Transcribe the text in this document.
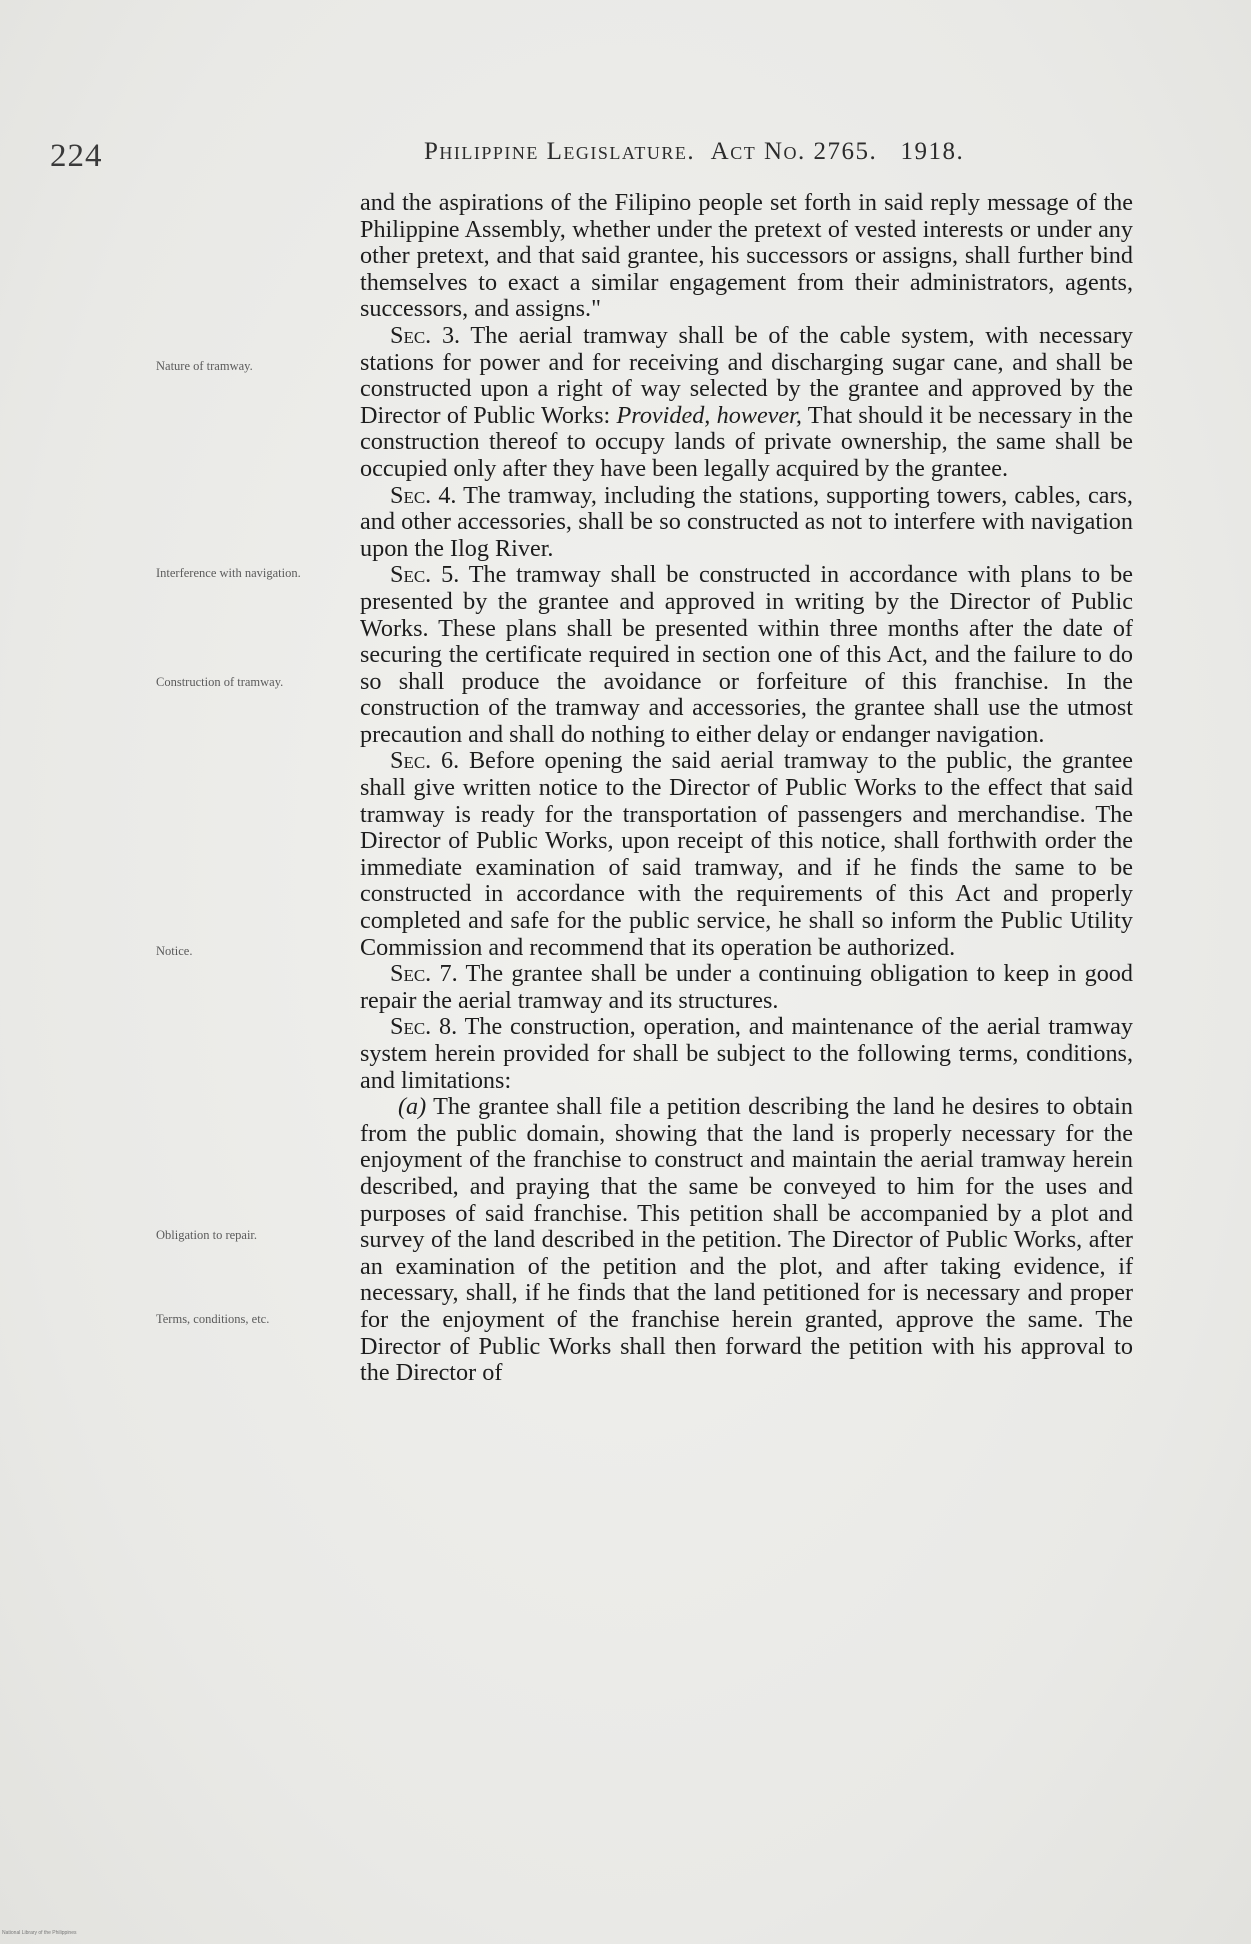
224	Philippine Legislature. Act No. 2765. 1918.
Nature of tramway.
Interference with navigation.
Construction of tramway.
Notice.
Obligation to repair.
Terms, conditions, etc.

and the aspirations of the Filipino people set forth in said reply message of the Philippine Assembly, whether under the pretext of vested interests or under any other pretext, and that said grantee, his successors or assigns, shall further bind themselves to exact a similar engagement from their administrators, agents, successors, and assigns."

Sec. 3. The aerial tramway shall be of the cable system, with necessary stations for power and for receiving and discharging sugar cane, and shall be constructed upon a right of way selected by the grantee and approved by the Director of Public Works: Provided, however, That should it be necessary in the construction thereof to occupy lands of private ownership, the same shall be occupied only after they have been legally acquired by the grantee.

Sec. 4. The tramway, including the stations, supporting towers, cables, cars, and other accessories, shall be so constructed as not to interfere with navigation upon the Ilog River.

Sec. 5. The tramway shall be constructed in accordance with plans to be presented by the grantee and approved in writing by the Director of Public Works. These plans shall be presented within three months after the date of securing the certificate required in section one of this Act, and the failure to do so shall produce the avoidance or forfeiture of this franchise. In the construction of the tramway and accessories, the grantee shall use the utmost precaution and shall do nothing to either delay or endanger navigation.

Sec. 6. Before opening the said aerial tramway to the public, the grantee shall give written notice to the Director of Public Works to the effect that said tramway is ready for the transportation of passengers and merchandise. The Director of Public Works, upon receipt of this notice, shall forthwith order the immediate examination of said tramway, and if he finds the same to be constructed in accordance with the requirements of this Act and properly completed and safe for the public service, he shall so inform the Public Utility Commission and recommend that its operation be authorized.

Sec. 7. The grantee shall be under a continuing obligation to keep in good repair the aerial tramway and its structures.

Sec. 8. The construction, operation, and maintenance of the aerial tramway system herein provided for shall be subject to the following terms, conditions, and limitations:

(a) The grantee shall file a petition describing the land he desires to obtain from the public domain, showing that the land is properly necessary for the enjoyment of the franchise to construct and maintain the aerial tramway herein described, and praying that the same be conveyed to him for the uses and purposes of said franchise. This petition shall be accompanied by a plot and survey of the land described in the petition. The Director of Public Works, after an examination of the petition and the plot, and after taking evidence, if necessary, shall, if he finds that the land petitioned for is necessary and proper for the enjoyment of the franchise herein granted, approve the same. The Director of Public Works shall then forward the petition with his approval to the Director of

National Library of the Philippines
